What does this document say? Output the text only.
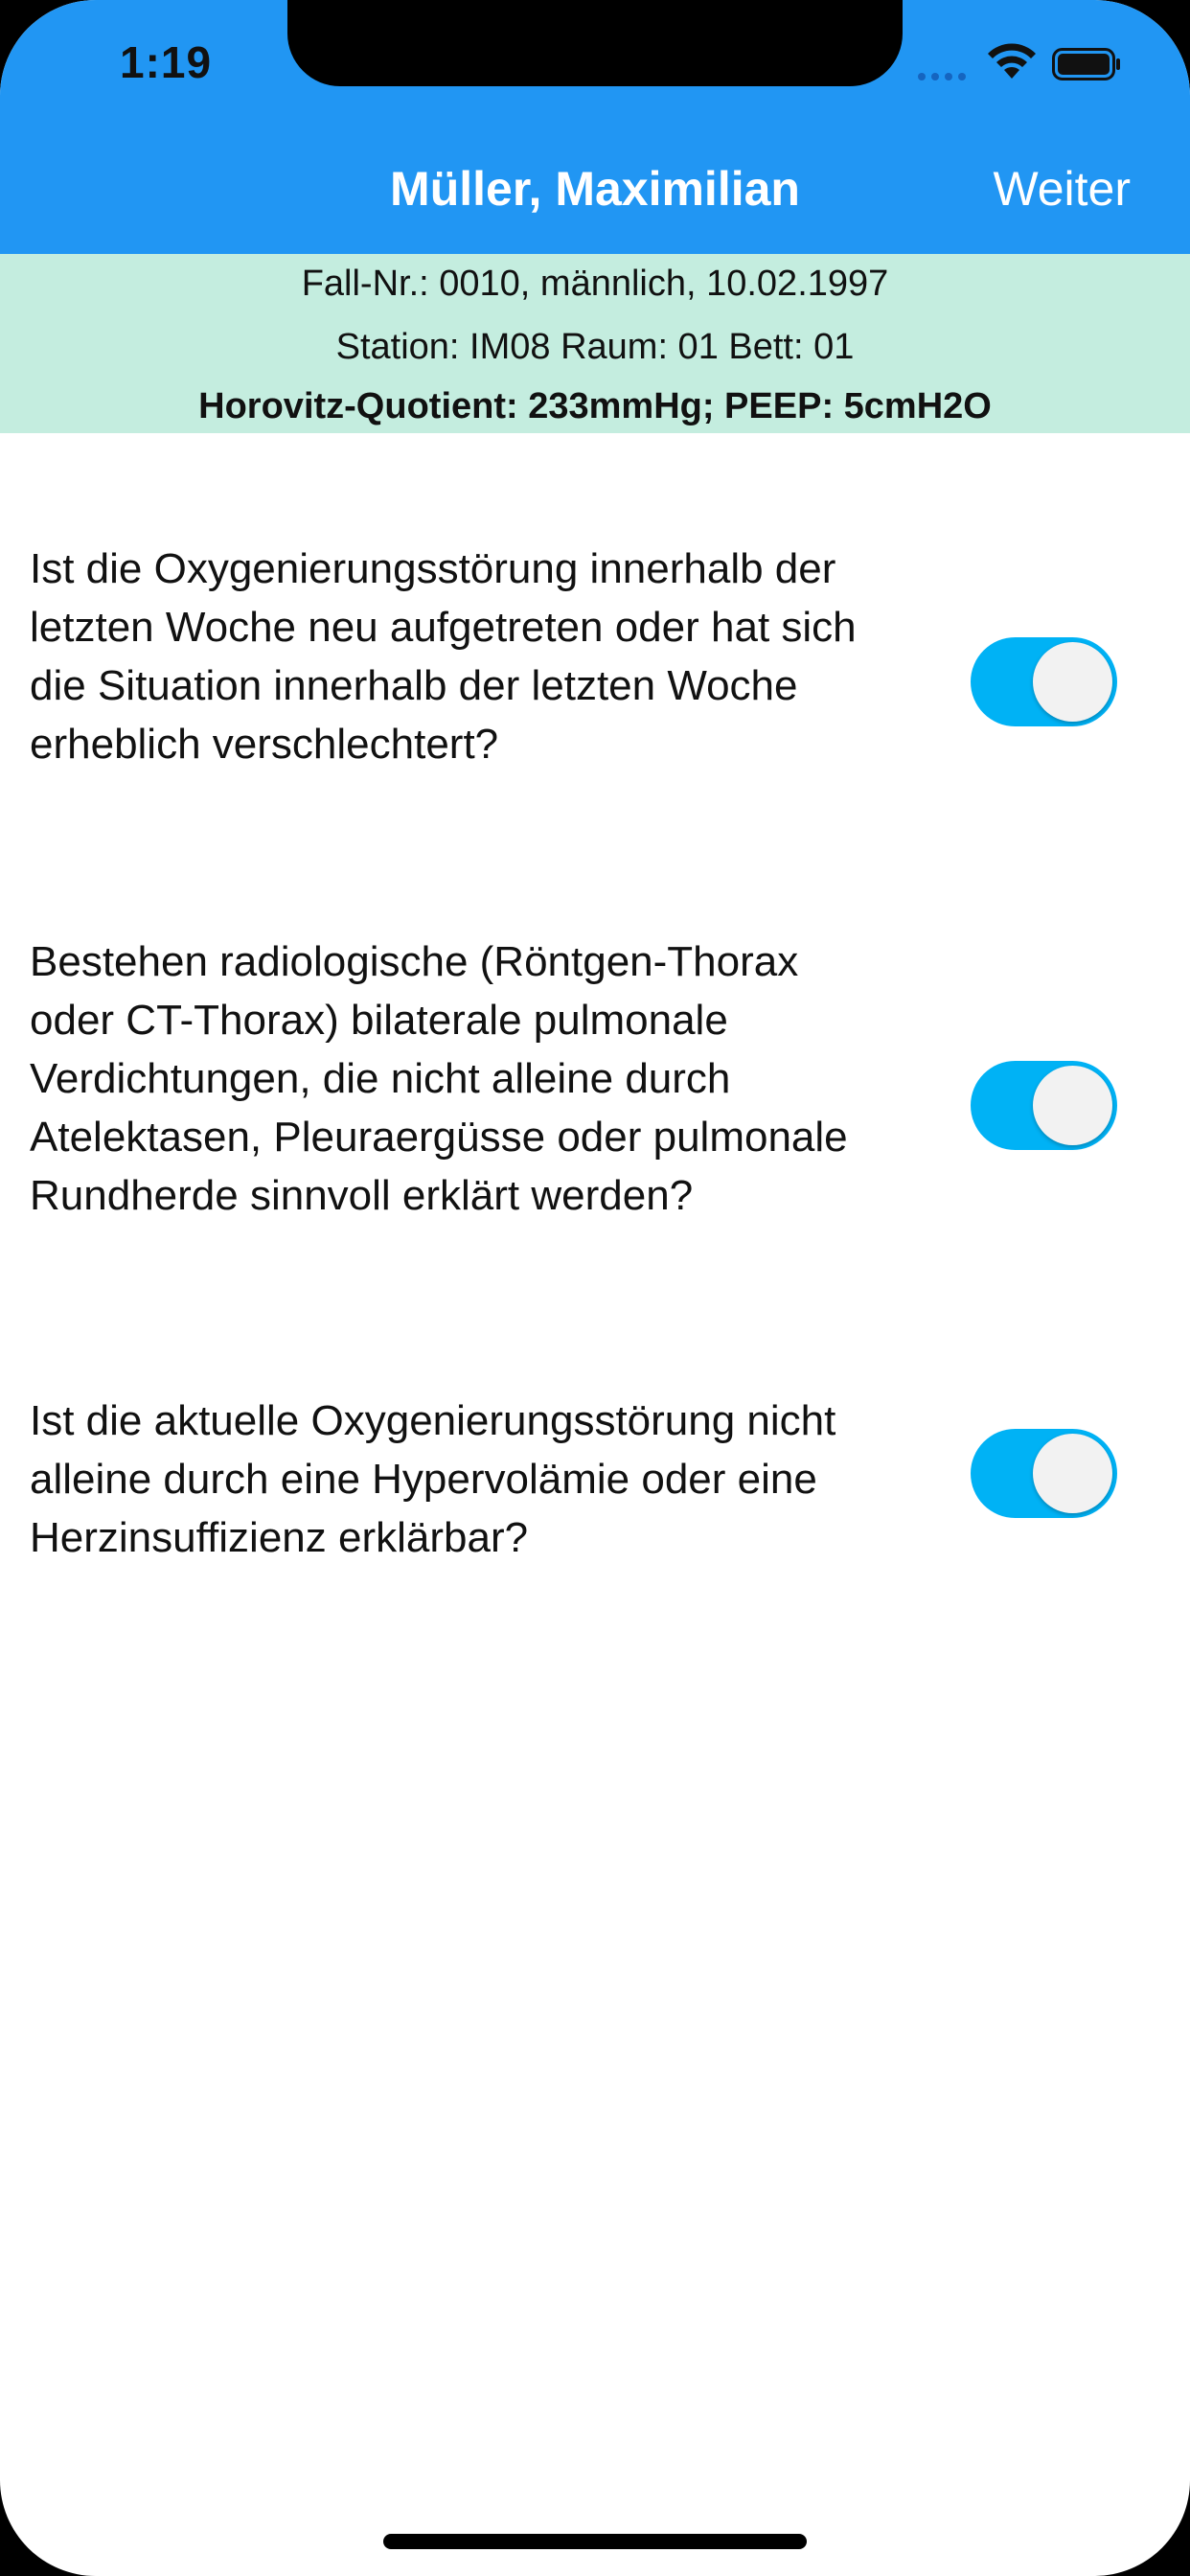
1:19
Müller, Maximilian	Weiter
Fall-Nr.: 0010, männlich, 10.02.1997
Station: IM08 Raum: 01 Bett: 01
Horovitz-Quotient: 233mmHg; PEEP: 5cmH2O

Ist die Oxygenierungsstörung innerhalb der letzten Woche neu aufgetreten oder hat sich die Situation innerhalb der letzten Woche erheblich verschlechtert?

Bestehen radiologische (Röntgen-Thorax oder CT-Thorax) bilaterale pulmonale Verdichtungen, die nicht alleine durch Atelektasen, Pleuraergüsse oder pulmonale Rundherde sinnvoll erklärt werden?

Ist die aktuelle Oxygenierungsstörung nicht alleine durch eine Hypervolämie oder eine Herzinsuffizienz erklärbar?
